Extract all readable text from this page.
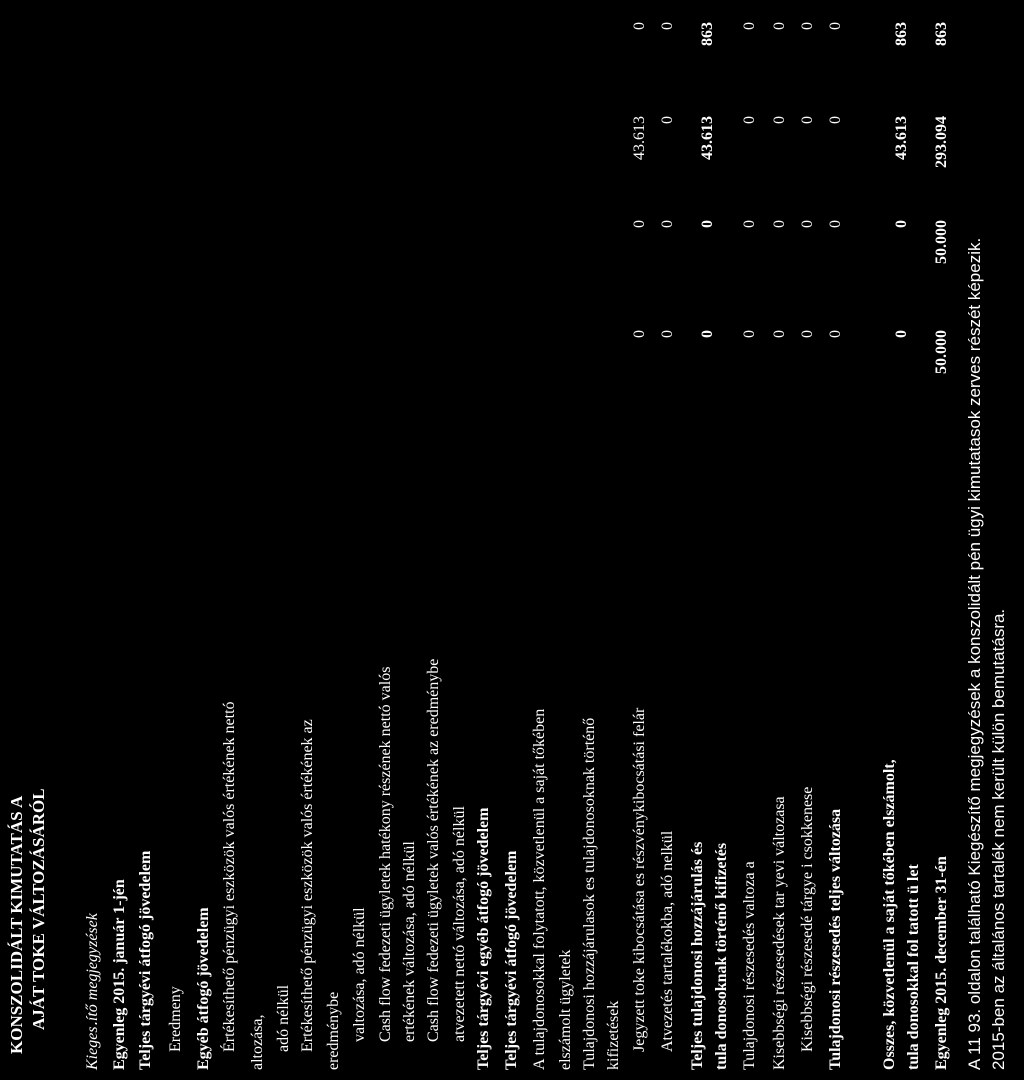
KONSZOLIDÁLT KIMUTATÁS A AJÁT TOKE VÁLTOZÁSÁRÓL Kieges․ítő megjegyzések Egyenleg 2015. január 1-jén Teljes tárgyévi átfogó jövedelem Eredmeny Egyéb átfogó jövedelem Értékesíthető pénzügyi eszközök valós értékének nettó altozása, adó nélkül Ertékesíthető pénzügyi eszközök valós értékének az eredménybe valtozása, adó nélkül Cash flow fedezeti ügyletek hatékony részének nettó valós ertékének változása, adó nélkül Cash flow fedezeti ügyletek valós értékének az eredménybe atvezetett nettó változása, adó nélkül Teljes tárgyévi egyéb átfogó jövedelem Teljes tárgyévi átfogó jövedelem A tulajdonosokkal folytatott, közvetlenül a saját tőkében elszámolt ügyletek Tulajdonosi hozzájárulasok es tulajdonosoknak történő kifizetések Jegyzett toke kibocsátása es részvénykibocsátási felár Atvezetés tartalékokba, adó nelkül Teljes tulajdonosi hozzájárulás és tula donosoknak történő kifizetés Tulajdonosi részesedés valtoza a Kisebbségi részesedések tar yevi változasa Kisebbségi részesedé tárgye i csokkenese Tulajdonosi részesedés teljes változása Osszes, közvetlenül a saját tőkében elszámolt, tula donosokkal fol tatott ü let Egyenleg 2015. december 31-én
0
0
43.613
0
0
0
0
0
0
0
43.613
863
0
0
0
0
0
0
0
0
0
0
0
0
0
0
0
0
0
0
43.613
863
50.000
50.000
293.094
863
A 11 93. oldalon található Kiegészítő megjegyzések a konszolidált pén ügyi kimutatasok zerves részét képezik. 2015-ben az általános tartalék nem került külön bemutatásra.
